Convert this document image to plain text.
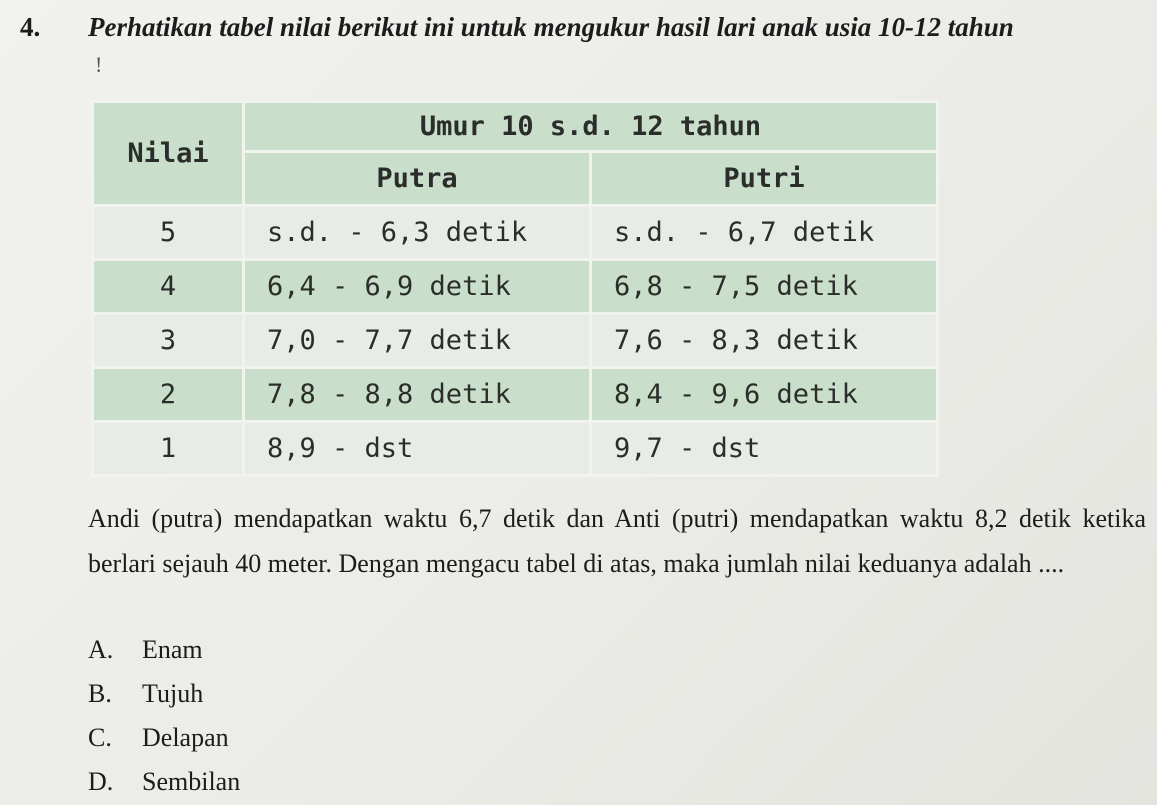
4. Perhatikan tabel nilai berikut ini untuk mengukur hasil lari anak usia 10-12 tahun
!
Nilai	Umur 10 s.d. 12 tahun	
	Putra	Putri
5	s.d. - 6,3 detik	s.d. - 6,7 detik
4	6,4 - 6,9 detik	6,8 - 7,5 detik
3	7,0 - 7,7 detik	7,6 - 8,3 detik
2	7,8 - 8,8 detik	8,4 - 9,6 detik
1	8,9 - dst	9,7 - dst
Andi (putra) mendapatkan waktu 6,7 detik dan Anti (putri) mendapatkan waktu 8,2 detik ketika berlari sejauh 40 meter. Dengan mengacu tabel di atas, maka jumlah nilai keduanya adalah ....
A. Enam
B. Tujuh
C. Delapan
D. Sembilan
